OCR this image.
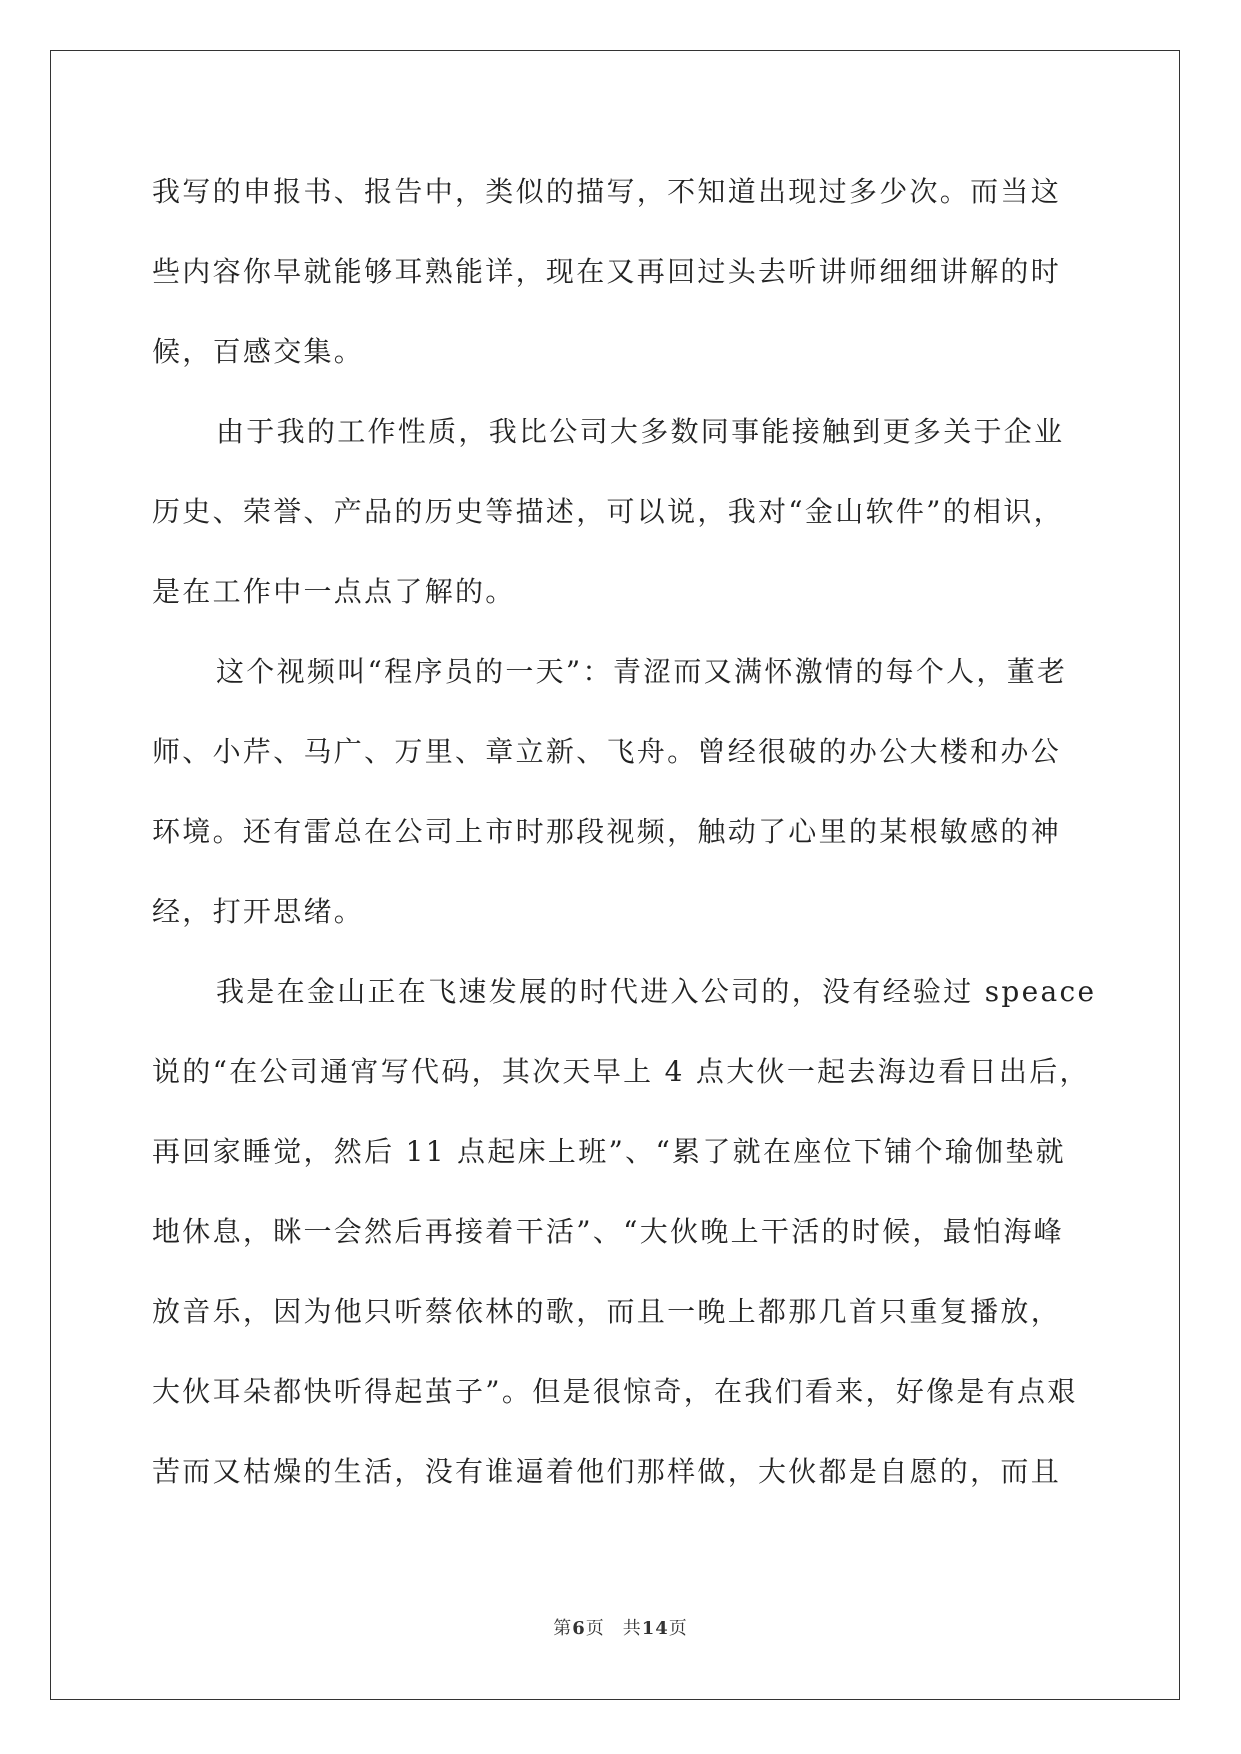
我写的申报书、报告中，类似的描写，不知道出现过多少次。而当这
些内容你早就能够耳熟能详，现在又再回过头去听讲师细细讲解的时
候，百感交集。
由于我的工作性质，我比公司大多数同事能接触到更多关于企业
历史、荣誉、产品的历史等描述，可以说，我对“金山软件”的相识，
是在工作中一点点了解的。
这个视频叫“程序员的一天”：青涩而又满怀激情的每个人，董老
师、小芹、马广、万里、章立新、飞舟。曾经很破的办公大楼和办公
环境。还有雷总在公司上市时那段视频，触动了心里的某根敏感的神
经，打开思绪。
我是在金山正在飞速发展的时代进入公司的，没有经验过 speace
说的“在公司通宵写代码，其次天早上 4 点大伙一起去海边看日出后，
再回家睡觉，然后 11 点起床上班”、“累了就在座位下铺个瑜伽垫就
地休息，眯一会然后再接着干活”、“大伙晚上干活的时候，最怕海峰
放音乐，因为他只听蔡依林的歌，而且一晚上都那几首只重复播放，
大伙耳朵都快听得起茧子”。但是很惊奇，在我们看来，好像是有点艰
苦而又枯燥的生活，没有谁逼着他们那样做，大伙都是自愿的，而且
第6页 共14页
